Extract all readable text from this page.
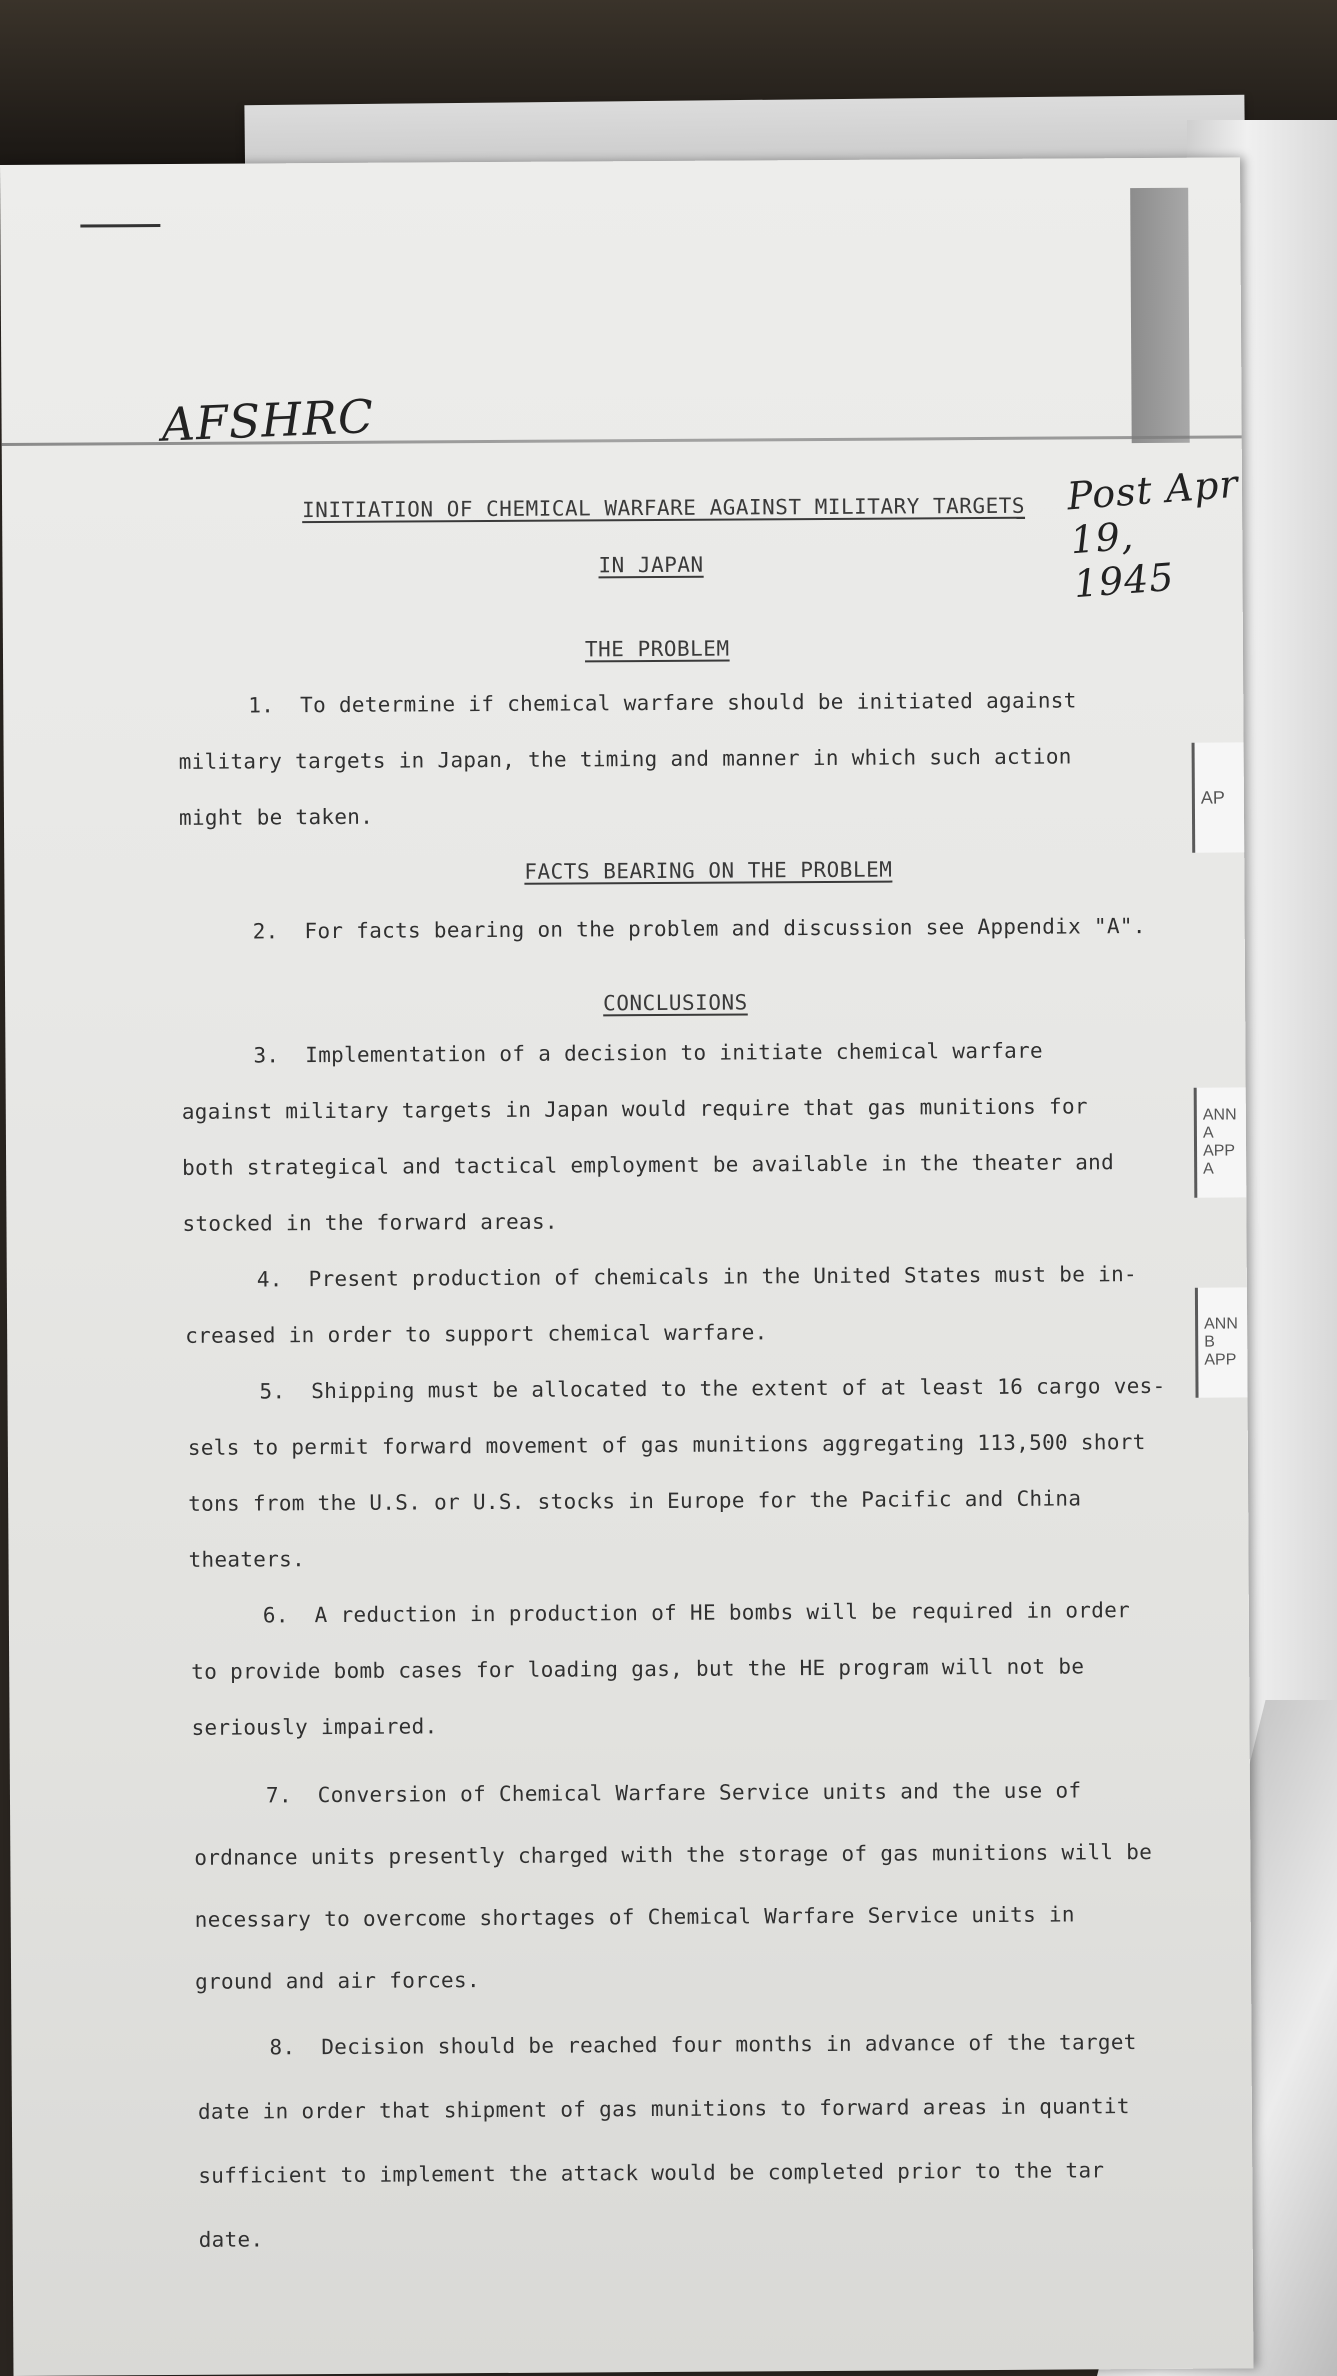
AP
ANN A APP A
ANN B APP
AFSHRC
Post Apr 19, 1945
INITIATION OF CHEMICAL WARFARE AGAINST MILITARY TARGETS
IN JAPAN
THE PROBLEM
1.  To determine if chemical warfare should be initiated against
military targets in Japan, the timing and manner in which such action
might be taken.
FACTS BEARING ON THE PROBLEM
2.  For facts bearing on the problem and discussion see Appendix "A".
CONCLUSIONS
3.  Implementation of a decision to initiate chemical warfare
against military targets in Japan would require that gas munitions for
both strategical and tactical employment be available in the theater and
stocked in the forward areas.
4.  Present production of chemicals in the United States must be in-
creased in order to support chemical warfare.
5.  Shipping must be allocated to the extent of at least 16 cargo ves-
sels to permit forward movement of gas munitions aggregating 113,500 short
tons from the U.S. or U.S. stocks in Europe for the Pacific and China
theaters.
6.  A reduction in production of HE bombs will be required in order
to provide bomb cases for loading gas, but the HE program will not be
seriously impaired.
7.  Conversion of Chemical Warfare Service units and the use of
ordnance units presently charged with the storage of gas munitions will be
necessary to overcome shortages of Chemical Warfare Service units in
ground and air forces.
8.  Decision should be reached four months in advance of the target
date in order that shipment of gas munitions to forward areas in quantit
sufficient to implement the attack would be completed prior to the tar
date.
